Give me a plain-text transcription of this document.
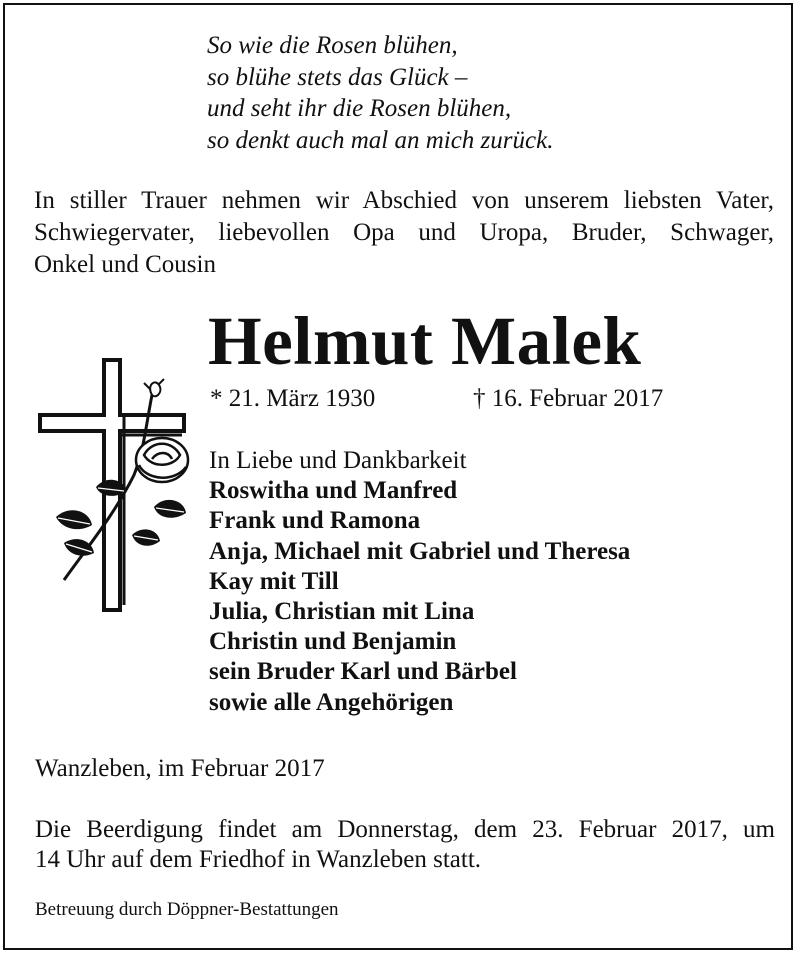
So wie die Rosen blühen,
so blühe stets das Glück –
und seht ihr die Rosen blühen,
so denkt auch mal an mich zurück.
In stiller Trauer nehmen wir Abschied von unserem liebsten Vater,
Schwiegervater, liebevollen Opa und Uropa, Bruder, Schwager,
Onkel und Cousin
Helmut Malek
* 21. März 1930	† 16. Februar 2017
In Liebe und Dankbarkeit
Roswitha und Manfred
Frank und Ramona
Anja, Michael mit Gabriel und Theresa
Kay mit Till
Julia, Christian mit Lina
Christin und Benjamin
sein Bruder Karl und Bärbel
sowie alle Angehörigen
Wanzleben, im Februar 2017
Die Beerdigung findet am Donnerstag, dem 23. Februar 2017, um
14 Uhr auf dem Friedhof in Wanzleben statt.
Betreuung durch Döppner-Bestattungen
